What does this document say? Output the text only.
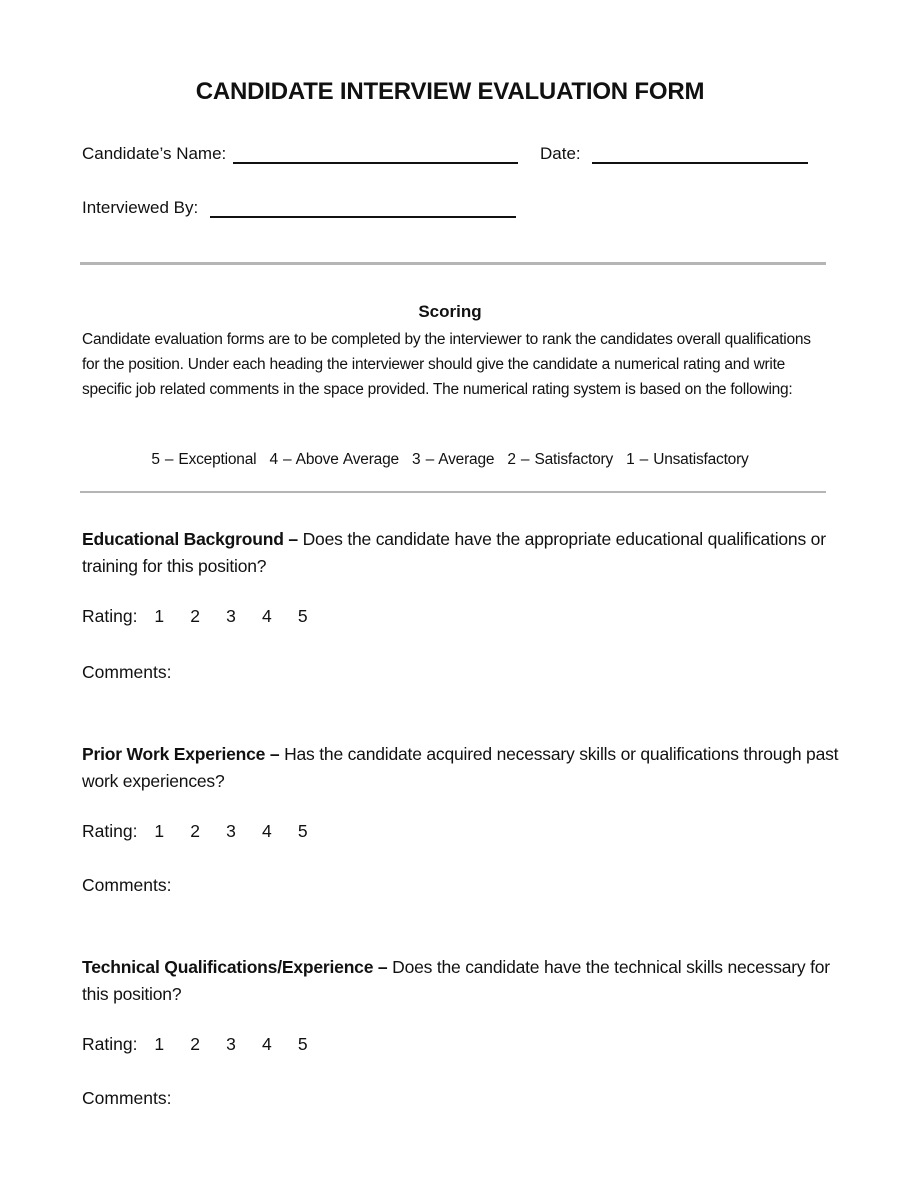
CANDIDATE INTERVIEW EVALUATION FORM
Candidate’s Name:	Date:
Interviewed By:
Scoring
Candidate evaluation forms are to be completed by the interviewer to rank the candidates overall qualifications for the position. Under each heading the interviewer should give the candidate a numerical rating and write specific job related comments in the space provided. The numerical rating system is based on the following:
5 – Exceptional 4 – Above Average 3 – Average 2 – Satisfactory 1 – Unsatisfactory
Educational Background – Does the candidate have the appropriate educational qualifications or training for this position?
Rating: 1 2 3 4 5
Comments:
Prior Work Experience – Has the candidate acquired necessary skills or qualifications through past work experiences?
Rating: 1 2 3 4 5
Comments:
Technical Qualifications/Experience – Does the candidate have the technical skills necessary for this position?
Rating: 1 2 3 4 5
Comments:
